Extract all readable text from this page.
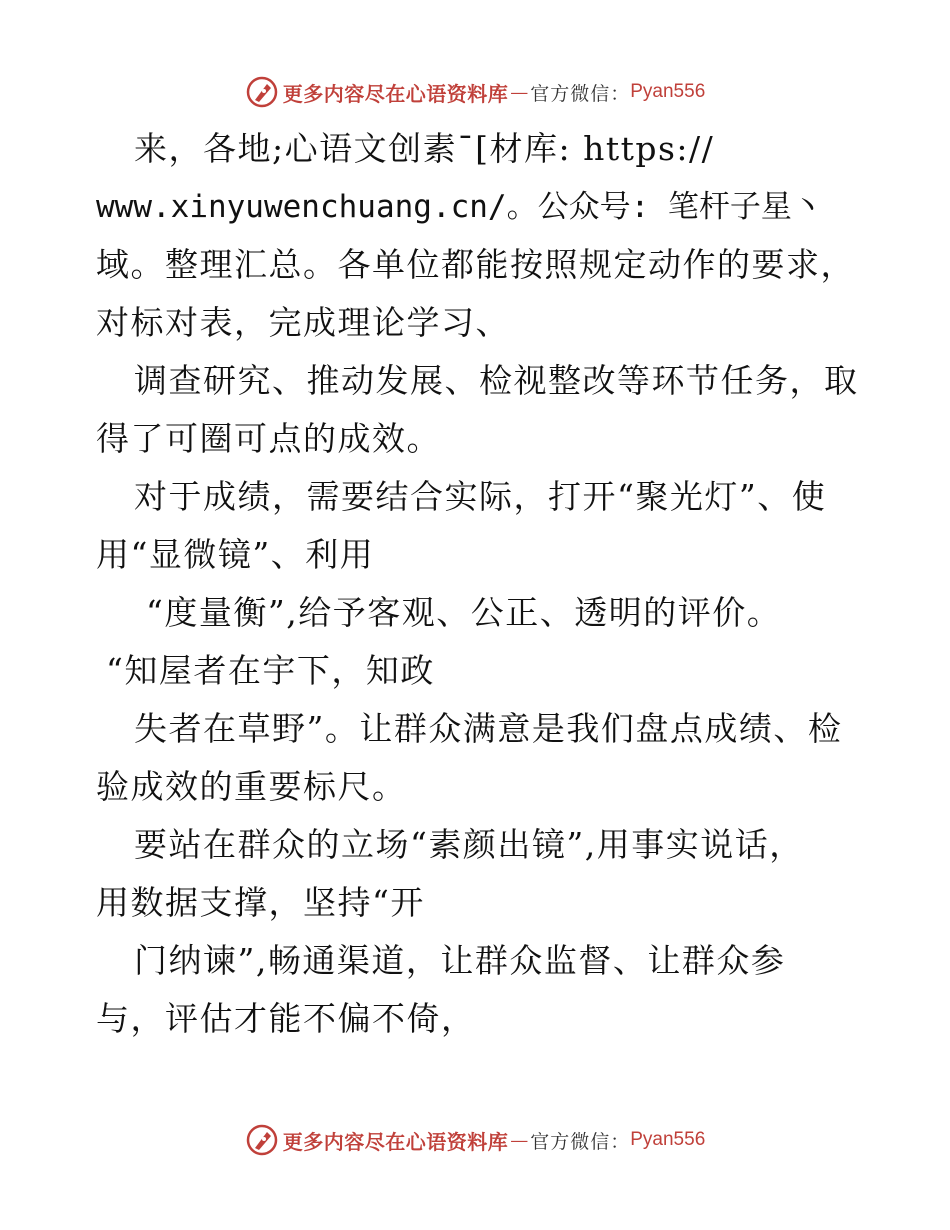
更多内容尽在心语资料库 — 官方微信： Pyan556
来，各地;心语文创素¯[材库: https://
www.xinyuwenchuang.cn/。公众号: 笔杆子星丶
域。整理汇总。各单位都能按照规定动作的要求，
对标对表，完成理论学习、
调查研究、推动发展、检视整改等环节任务，取
得了可圈可点的成效。
对于成绩，需要结合实际，打开“聚光灯”、使
用“显微镜”、利用
“度量衡”,给予客观、公正、透明的评价。
“知屋者在宇下，知政
失者在草野”。让群众满意是我们盘点成绩、检
验成效的重要标尺。
要站在群众的立场“素颜出镜”,用事实说话，
用数据支撑，坚持“开
门纳谏”,畅通渠道，让群众监督、让群众参
与，评估才能不偏不倚，
更多内容尽在心语资料库 — 官方微信： Pyan556
